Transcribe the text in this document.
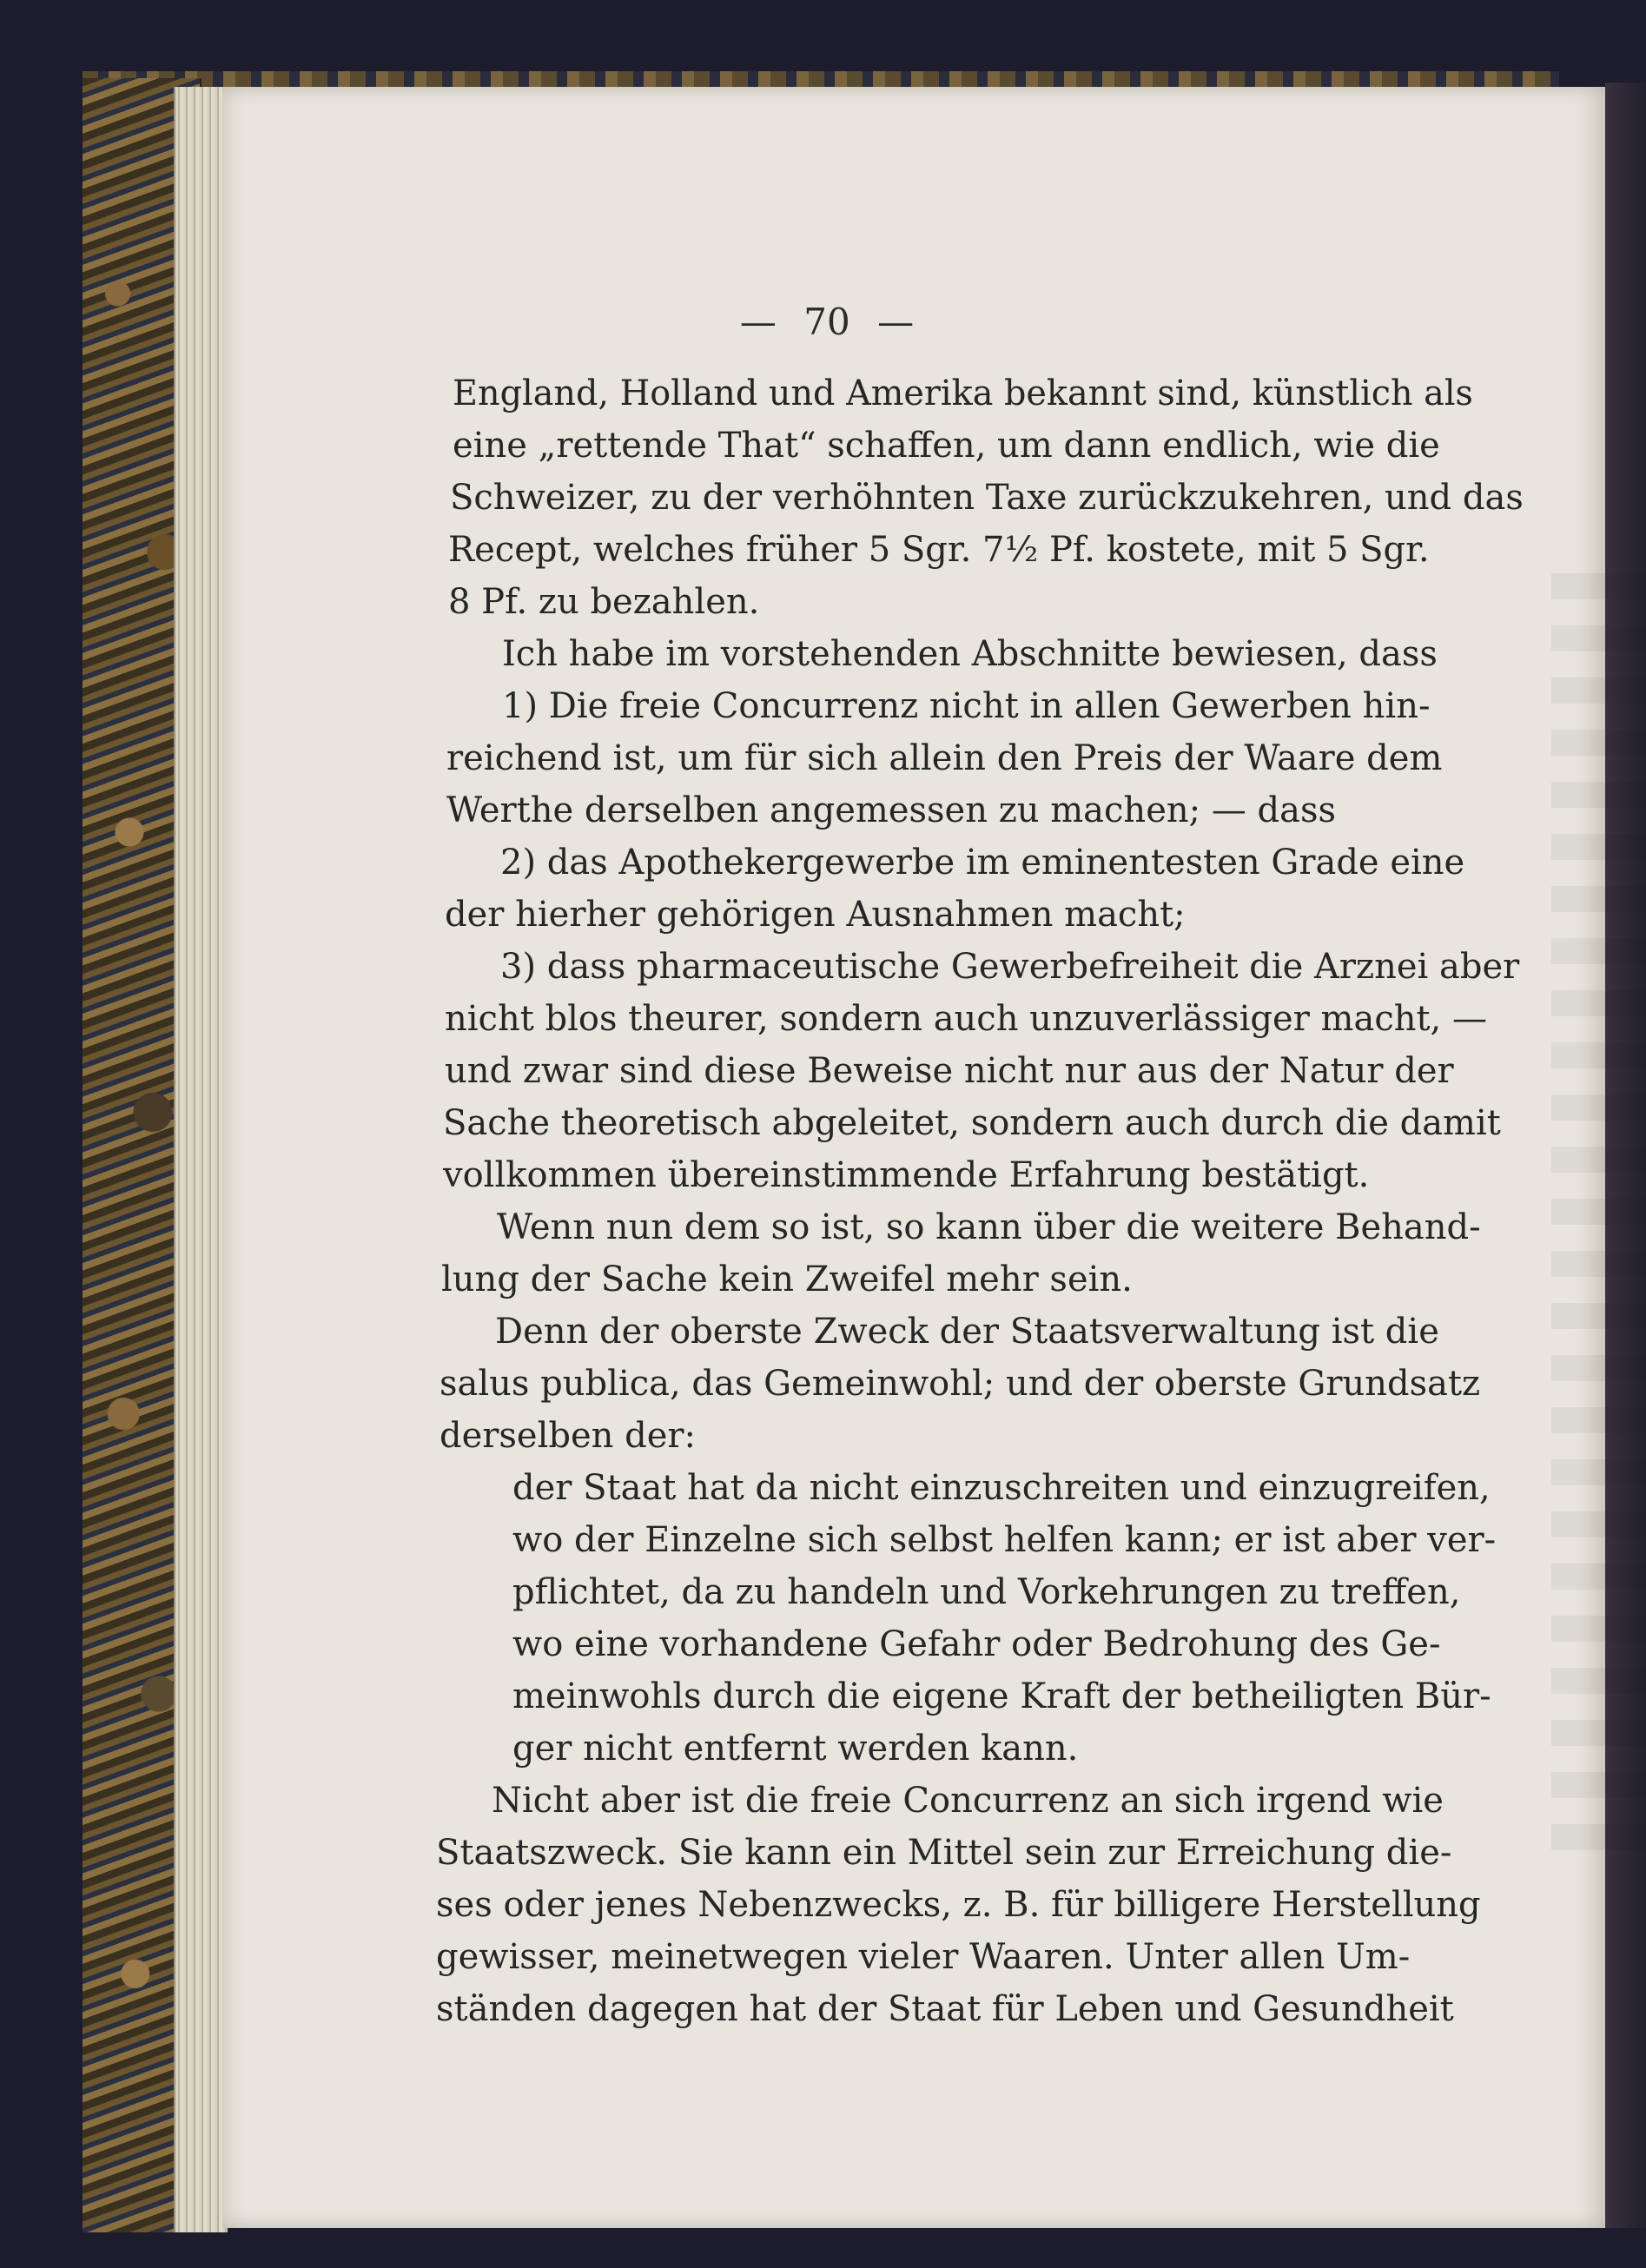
— 70 —
England, Holland und Amerika bekannt sind, künstlich als
eine „rettende That“ schaffen, um dann endlich, wie die
Schweizer, zu der verhöhnten Taxe zurückzukehren, und das
Recept, welches früher 5 Sgr. 7½ Pf. kostete, mit 5 Sgr.
8 Pf. zu bezahlen.
Ich habe im vorstehenden Abschnitte bewiesen, dass
1) Die freie Concurrenz nicht in allen Gewerben hin-
reichend ist, um für sich allein den Preis der Waare dem
Werthe derselben angemessen zu machen; — dass
2) das Apothekergewerbe im eminentesten Grade eine
der hierher gehörigen Ausnahmen macht;
3) dass pharmaceutische Gewerbefreiheit die Arznei aber
nicht blos theurer, sondern auch unzuverlässiger macht, —
und zwar sind diese Beweise nicht nur aus der Natur der
Sache theoretisch abgeleitet, sondern auch durch die damit
vollkommen übereinstimmende Erfahrung bestätigt.
Wenn nun dem so ist, so kann über die weitere Behand-
lung der Sache kein Zweifel mehr sein.
Denn der oberste Zweck der Staatsverwaltung ist die
salus publica, das Gemeinwohl; und der oberste Grundsatz
derselben der:
der Staat hat da nicht einzuschreiten und einzugreifen,
wo der Einzelne sich selbst helfen kann; er ist aber ver-
pflichtet, da zu handeln und Vorkehrungen zu treffen,
wo eine vorhandene Gefahr oder Bedrohung des Ge-
meinwohls durch die eigene Kraft der betheiligten Bür-
ger nicht entfernt werden kann.
Nicht aber ist die freie Concurrenz an sich irgend wie
Staatszweck. Sie kann ein Mittel sein zur Erreichung die-
ses oder jenes Nebenzwecks, z. B. für billigere Herstellung
gewisser, meinetwegen vieler Waaren. Unter allen Um-
ständen dagegen hat der Staat für Leben und Gesundheit
